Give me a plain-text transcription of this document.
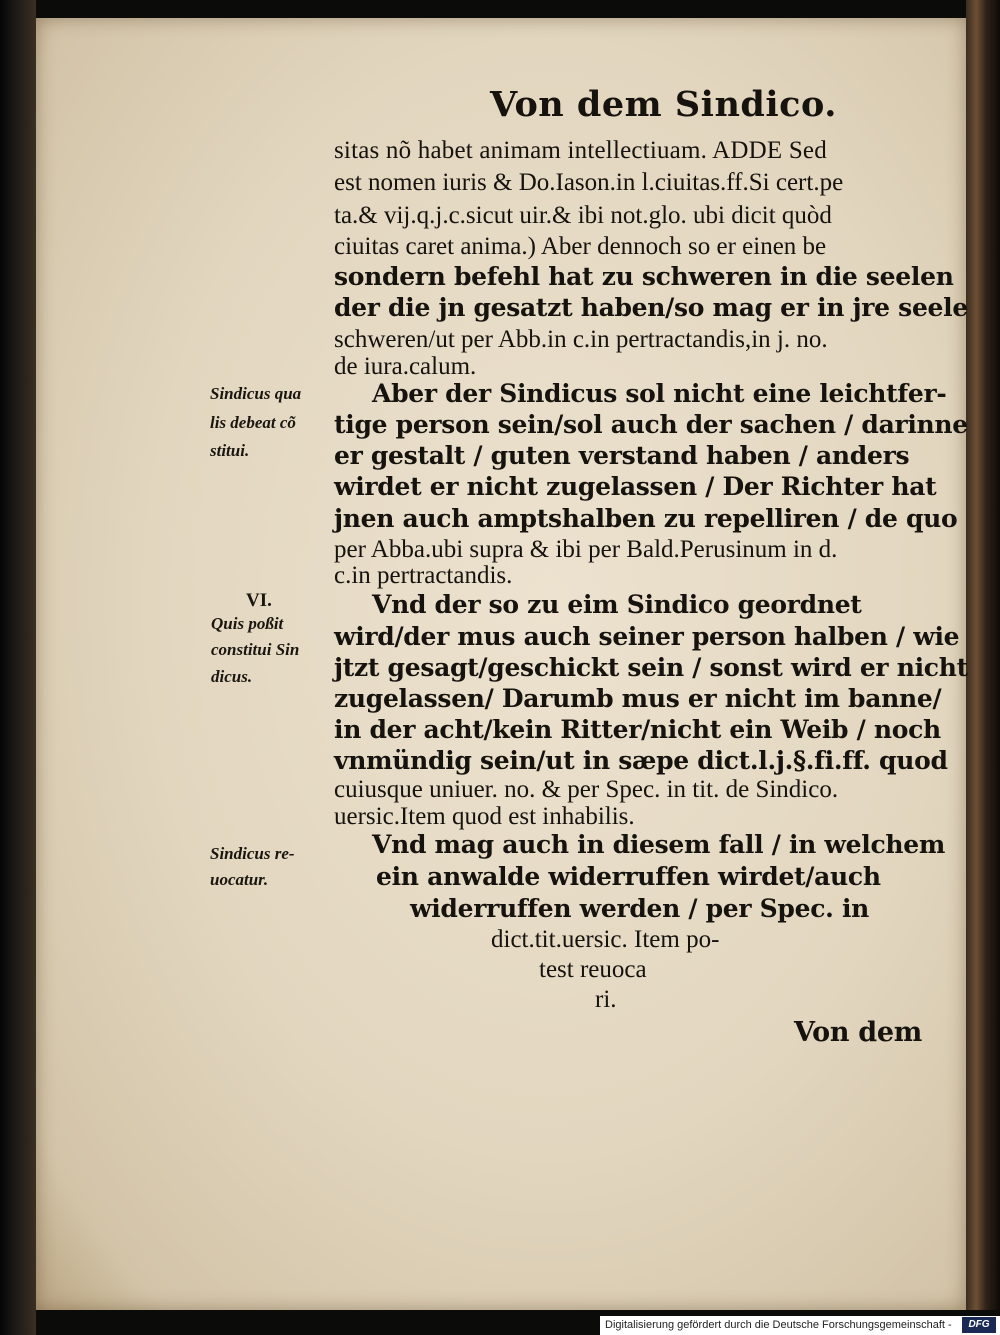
Von dem Sindico.
sitas nõ habet animam intellectiuam. ADDE Sed
est nomen iuris & Do.Iason.in l.ciuitas.ff.Si cert.pe
ta.& vij.q.j.c.sicut uir.& ibi not.glo. ubi dicit quòd
ciuitas caret anima.) Aber dennoch so er einen be
sondern befehl hat zu schweren in die seelen
der die jn gesatzt haben/so mag er in jre seele
schweren/ut per Abb.in c.in pertractandis,in j. no.
de iura.calum.
Aber der Sindicus sol nicht eine leichtfer-
tige person sein/sol auch der sachen / darinne
er gestalt / guten verstand haben / anders
wirdet er nicht zugelassen / Der Richter hat
jnen auch amptshalben zu repelliren / de quo
per Abba.ubi supra & ibi per Bald.Perusinum in d.
c.in pertractandis.
Vnd der so zu eim Sindico geordnet
wird/der mus auch seiner person halben / wie
jtzt gesagt/geschickt sein / sonst wird er nicht
zugelassen/ Darumb mus er nicht im banne/
in der acht/kein Ritter/nicht ein Weib / noch
vnmündig sein/ut in sæpe dict.l.j.§.fi.ff. quod
cuiusque uniuer. no. & per Spec. in tit. de Sindico.
uersic.Item quod est inhabilis.
Vnd mag auch in diesem fall / in welchem
ein anwalde widerruffen wirdet/auch
widerruffen werden / per Spec. in
dict.tit.uersic. Item po-
test reuoca
ri.
Von dem
Sindicus qua
lis debeat cõ
stitui.
VI.
Quis poßit
constitui Sin
dicus.
Sindicus re-
uocatur.
Digitalisierung gefördert durch die Deutsche Forschungsgemeinschaft -	DFG
